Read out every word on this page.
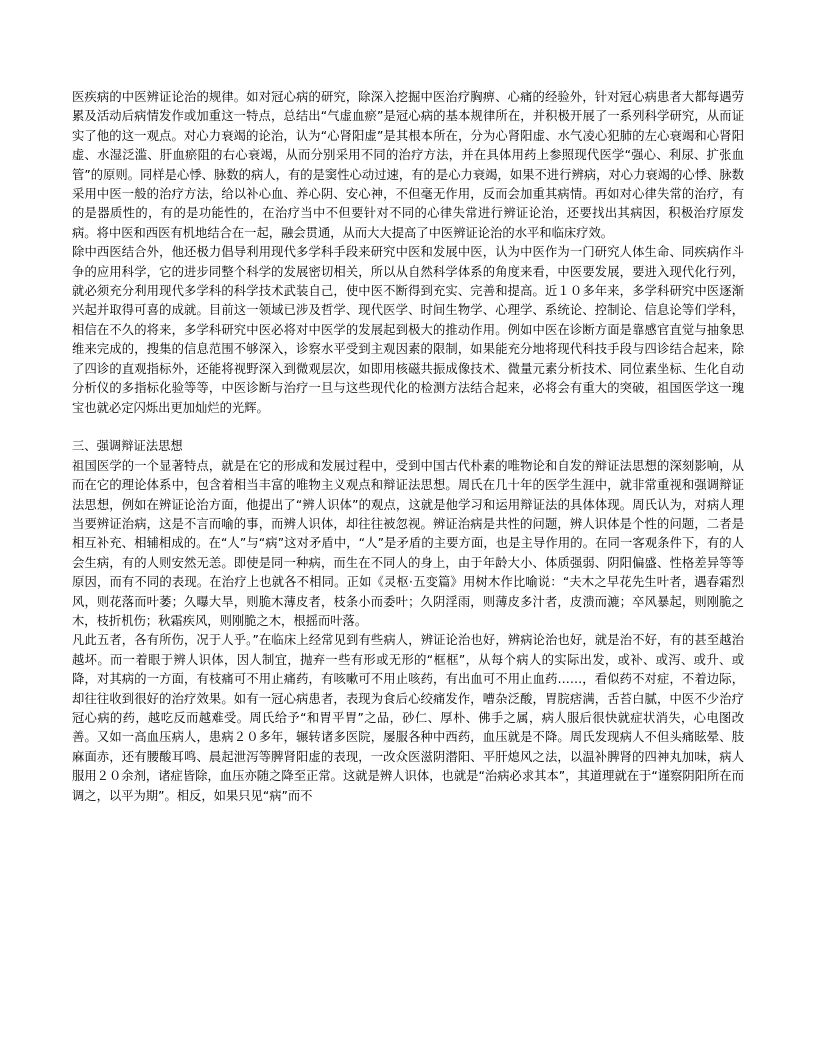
医疾病的中医辨证论治的规律。如对冠心病的研究，除深入挖掘中医治疗胸痹、心痛的经验外，针对冠心病患者大都每遇劳累及活动后病情发作或加重这一特点，总结出“气虚血瘀”是冠心病的基本规律所在，并积极开展了一系列科学研究，从而证实了他的这一观点。对心力衰竭的论治，认为“心肾阳虚”是其根本所在，分为心肾阳虚、水气凌心犯肺的左心衰竭和心肾阳虚、水湿泛滥、肝血瘀阻的右心衰竭，从而分别采用不同的治疗方法，并在具体用药上参照现代医学“强心、利尿、扩张血管”的原则。同样是心悸、脉数的病人，有的是窦性心动过速，有的是心力衰竭，如果不进行辨病，对心力衰竭的心悸、脉数采用中医一般的治疗方法，给以补心血、养心阴、安心神，不但毫无作用，反而会加重其病情。再如对心律失常的治疗，有的是器质性的，有的是功能性的，在治疗当中不但要针对不同的心律失常进行辨证论治，还要找出其病因，积极治疗原发病。将中医和西医有机地结合在一起，融会贯通，从而大大提高了中医辨证论治的水平和临床疗效。

除中西医结合外，他还极力倡导利用现代多学科手段来研究中医和发展中医，认为中医作为一门研究人体生命、同疾病作斗争的应用科学，它的进步同整个科学的发展密切相关，所以从自然科学体系的角度来看，中医要发展，要进入现代化行列，就必须充分利用现代多学科的科学技术武装自己，使中医不断得到充实、完善和提高。近１０多年来，多学科研究中医逐渐兴起并取得可喜的成就。目前这一领域已涉及哲学、现代医学、时间生物学、心理学、系统论、控制论、信息论等们学科，相信在不久的将来，多学科研究中医必将对中医学的发展起到极大的推动作用。例如中医在诊断方面是靠感官直觉与抽象思维来完成的，搜集的信息范围不够深入，诊察水平受到主观因素的限制，如果能充分地将现代科技手段与四诊结合起来，除了四诊的直观指标外，还能将视野深入到微观层次，如即用核磁共振成像技术、微量元素分析技术、同位素坐标、生化自动分析仪的多指标化验等等，中医诊断与治疗一旦与这些现代化的检测方法结合起来，必将会有重大的突破，祖国医学这一瑰宝也就必定闪烁出更加灿烂的光辉。

三、强调辩证法思想

祖国医学的一个显著特点，就是在它的形成和发展过程中，受到中国古代朴素的唯物论和自发的辩证法思想的深刻影响，从而在它的理论体系中，包含着相当丰富的唯物主义观点和辩证法思想。周氏在几十年的医学生涯中，就非常重视和强调辩证法思想，例如在辨证论治方面，他提出了“辨人识体”的观点，这就是他学习和运用辩证法的具体体现。周氏认为，对病人理当要辨证治病，这是不言而喻的事，而辨人识体，却往往被忽视。辨证治病是共性的问题，辨人识体是个性的问题，二者是相互补充、相辅相成的。在“人”与“病”这对矛盾中，“人”是矛盾的主要方面，也是主导作用的。在同一客观条件下，有的人会生病，有的人则安然无恙。即使是同一种病，而生在不同人的身上，由于年龄大小、体质强弱、阴阳偏盛、性格差异等等原因，而有不同的表现。在治疗上也就各不相同。正如《灵枢·五变篇》用树木作比喻说：“夫木之早花先生叶者，遇春霜烈风，则花落而叶萎；久曝大旱，则脆木薄皮者，枝条小而委叶；久阴淫雨，则薄皮多汁者，皮溃而漉；卒风暴起，则刚脆之木，枝折机伤；秋霜疾风，则刚脆之木，根摇而叶落。

凡此五者，各有所伤，况于人乎。”在临床上经常见到有些病人，辨证论治也好，辨病论治也好，就是治不好，有的甚至越治越坏。而一着眼于辨人识体，因人制宜，抛弃一些有形或无形的“框框”，从每个病人的实际出发，或补、或泻、或升、或降，对其病的一方面，有枝痛可不用止痛药，有咳嗽可不用止咳药，有出血可不用止血药……，看似药不对症，不着边际，却往往收到很好的治疗效果。如有一冠心病患者，表现为食后心绞痛发作，嘈杂泛酸，胃脘痞满，舌苔白腻，中医不少治疗冠心病的药，越吃反而越难受。周氏给予“和胃平胃”之品，砂仁、厚朴、佛手之属，病人服后很快就症状消失，心电图改善。又如一高血压病人，患病２０多年，辗转诸多医院，屡服各种中西药，血压就是不降。周氏发现病人不但头痛眩晕、肢麻面赤，还有腰酸耳鸣、晨起泄泻等脾肾阳虚的表现，一改众医滋阴潜阳、平肝熄风之法，以温补脾肾的四神丸加味，病人服用２０余剂，诸症皆除，血压亦随之降至正常。这就是辨人识体，也就是“治病必求其本”，其道理就在于“谨察阴阳所在而调之，以平为期”。相反，如果只见“病”而不
